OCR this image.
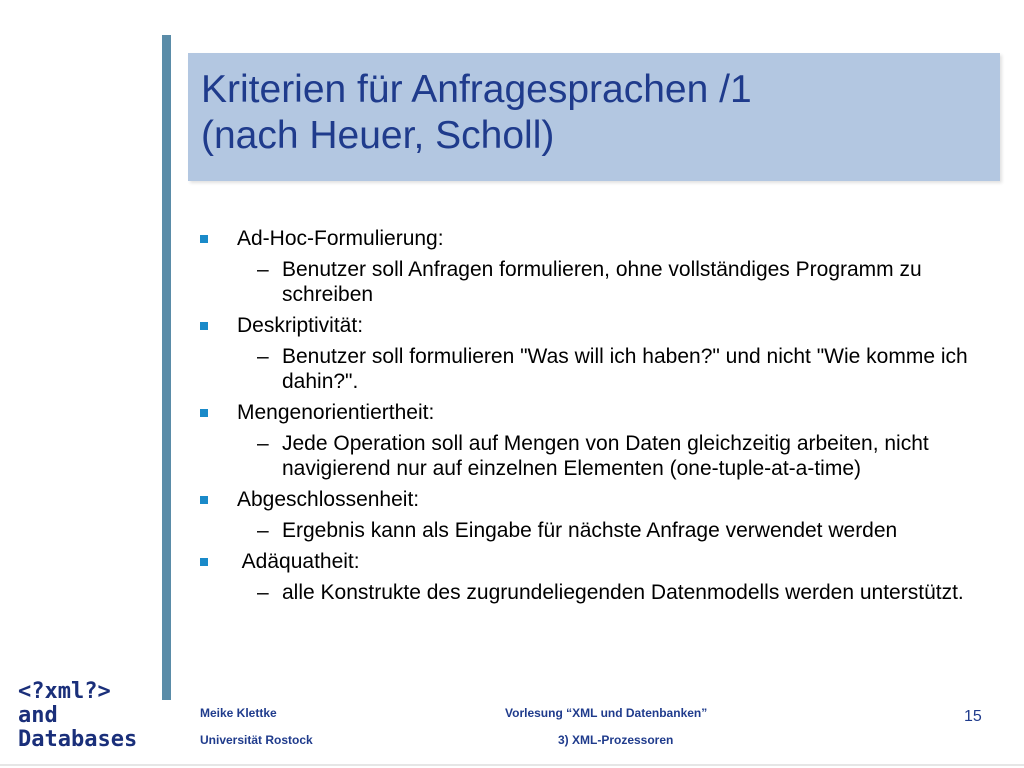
Kriterien für Anfragesprachen /1
(nach Heuer, Scholl)
Ad-Hoc-Formulierung:
– Benutzer soll Anfragen formulieren, ohne vollständiges Programm zu schreiben
Deskriptivität:
– Benutzer soll formulieren "Was will ich haben?" und nicht "Wie komme ich dahin?".
Mengenorientiertheit:
– Jede Operation soll auf Mengen von Daten gleichzeitig arbeiten, nicht navigierend nur auf einzelnen Elementen (one-tuple-at-a-time)
Abgeschlossenheit:
– Ergebnis kann als Eingabe für nächste Anfrage verwendet werden
Adäquatheit:
– alle Konstrukte des zugrundeliegenden Datenmodells werden unterstützt.
<?xml?>
and
Databases
Meike Klettke
Universität Rostock
Vorlesung “XML und Datenbanken”
3) XML-Prozessoren
15
